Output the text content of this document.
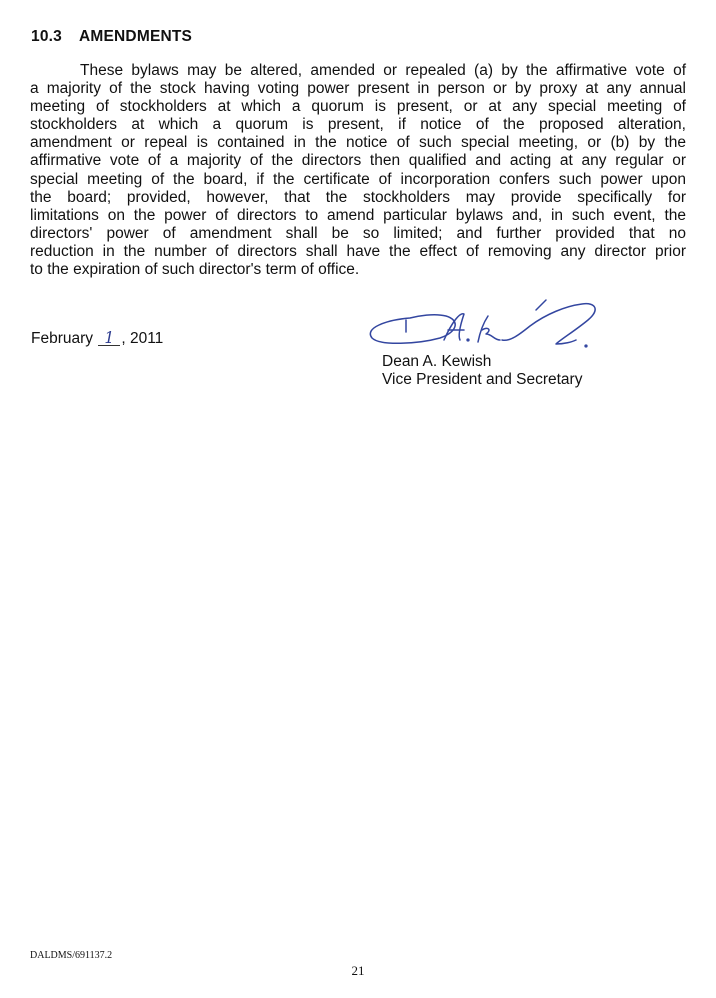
10.3 AMENDMENTS
These bylaws may be altered, amended or repealed (a) by the affirmative vote of
a majority of the stock having voting power present in person or by proxy at any annual
meeting of stockholders at which a quorum is present, or at any special meeting of
stockholders at which a quorum is present, if notice of the proposed alteration,
amendment or repeal is contained in the notice of such special meeting, or (b) by the
affirmative vote of a majority of the directors then qualified and acting at any regular or
special meeting of the board, if the certificate of incorporation confers such power upon
the board; provided, however, that the stockholders may provide specifically for
limitations on the power of directors to amend particular bylaws and, in such event, the
directors' power of amendment shall be so limited; and further provided that no
reduction in the number of directors shall have the effect of removing any director prior
to the expiration of such director's term of office.
February 1 , 2011
Dean A. Kewish
Vice President and Secretary
DALDMS/691137.2
21
